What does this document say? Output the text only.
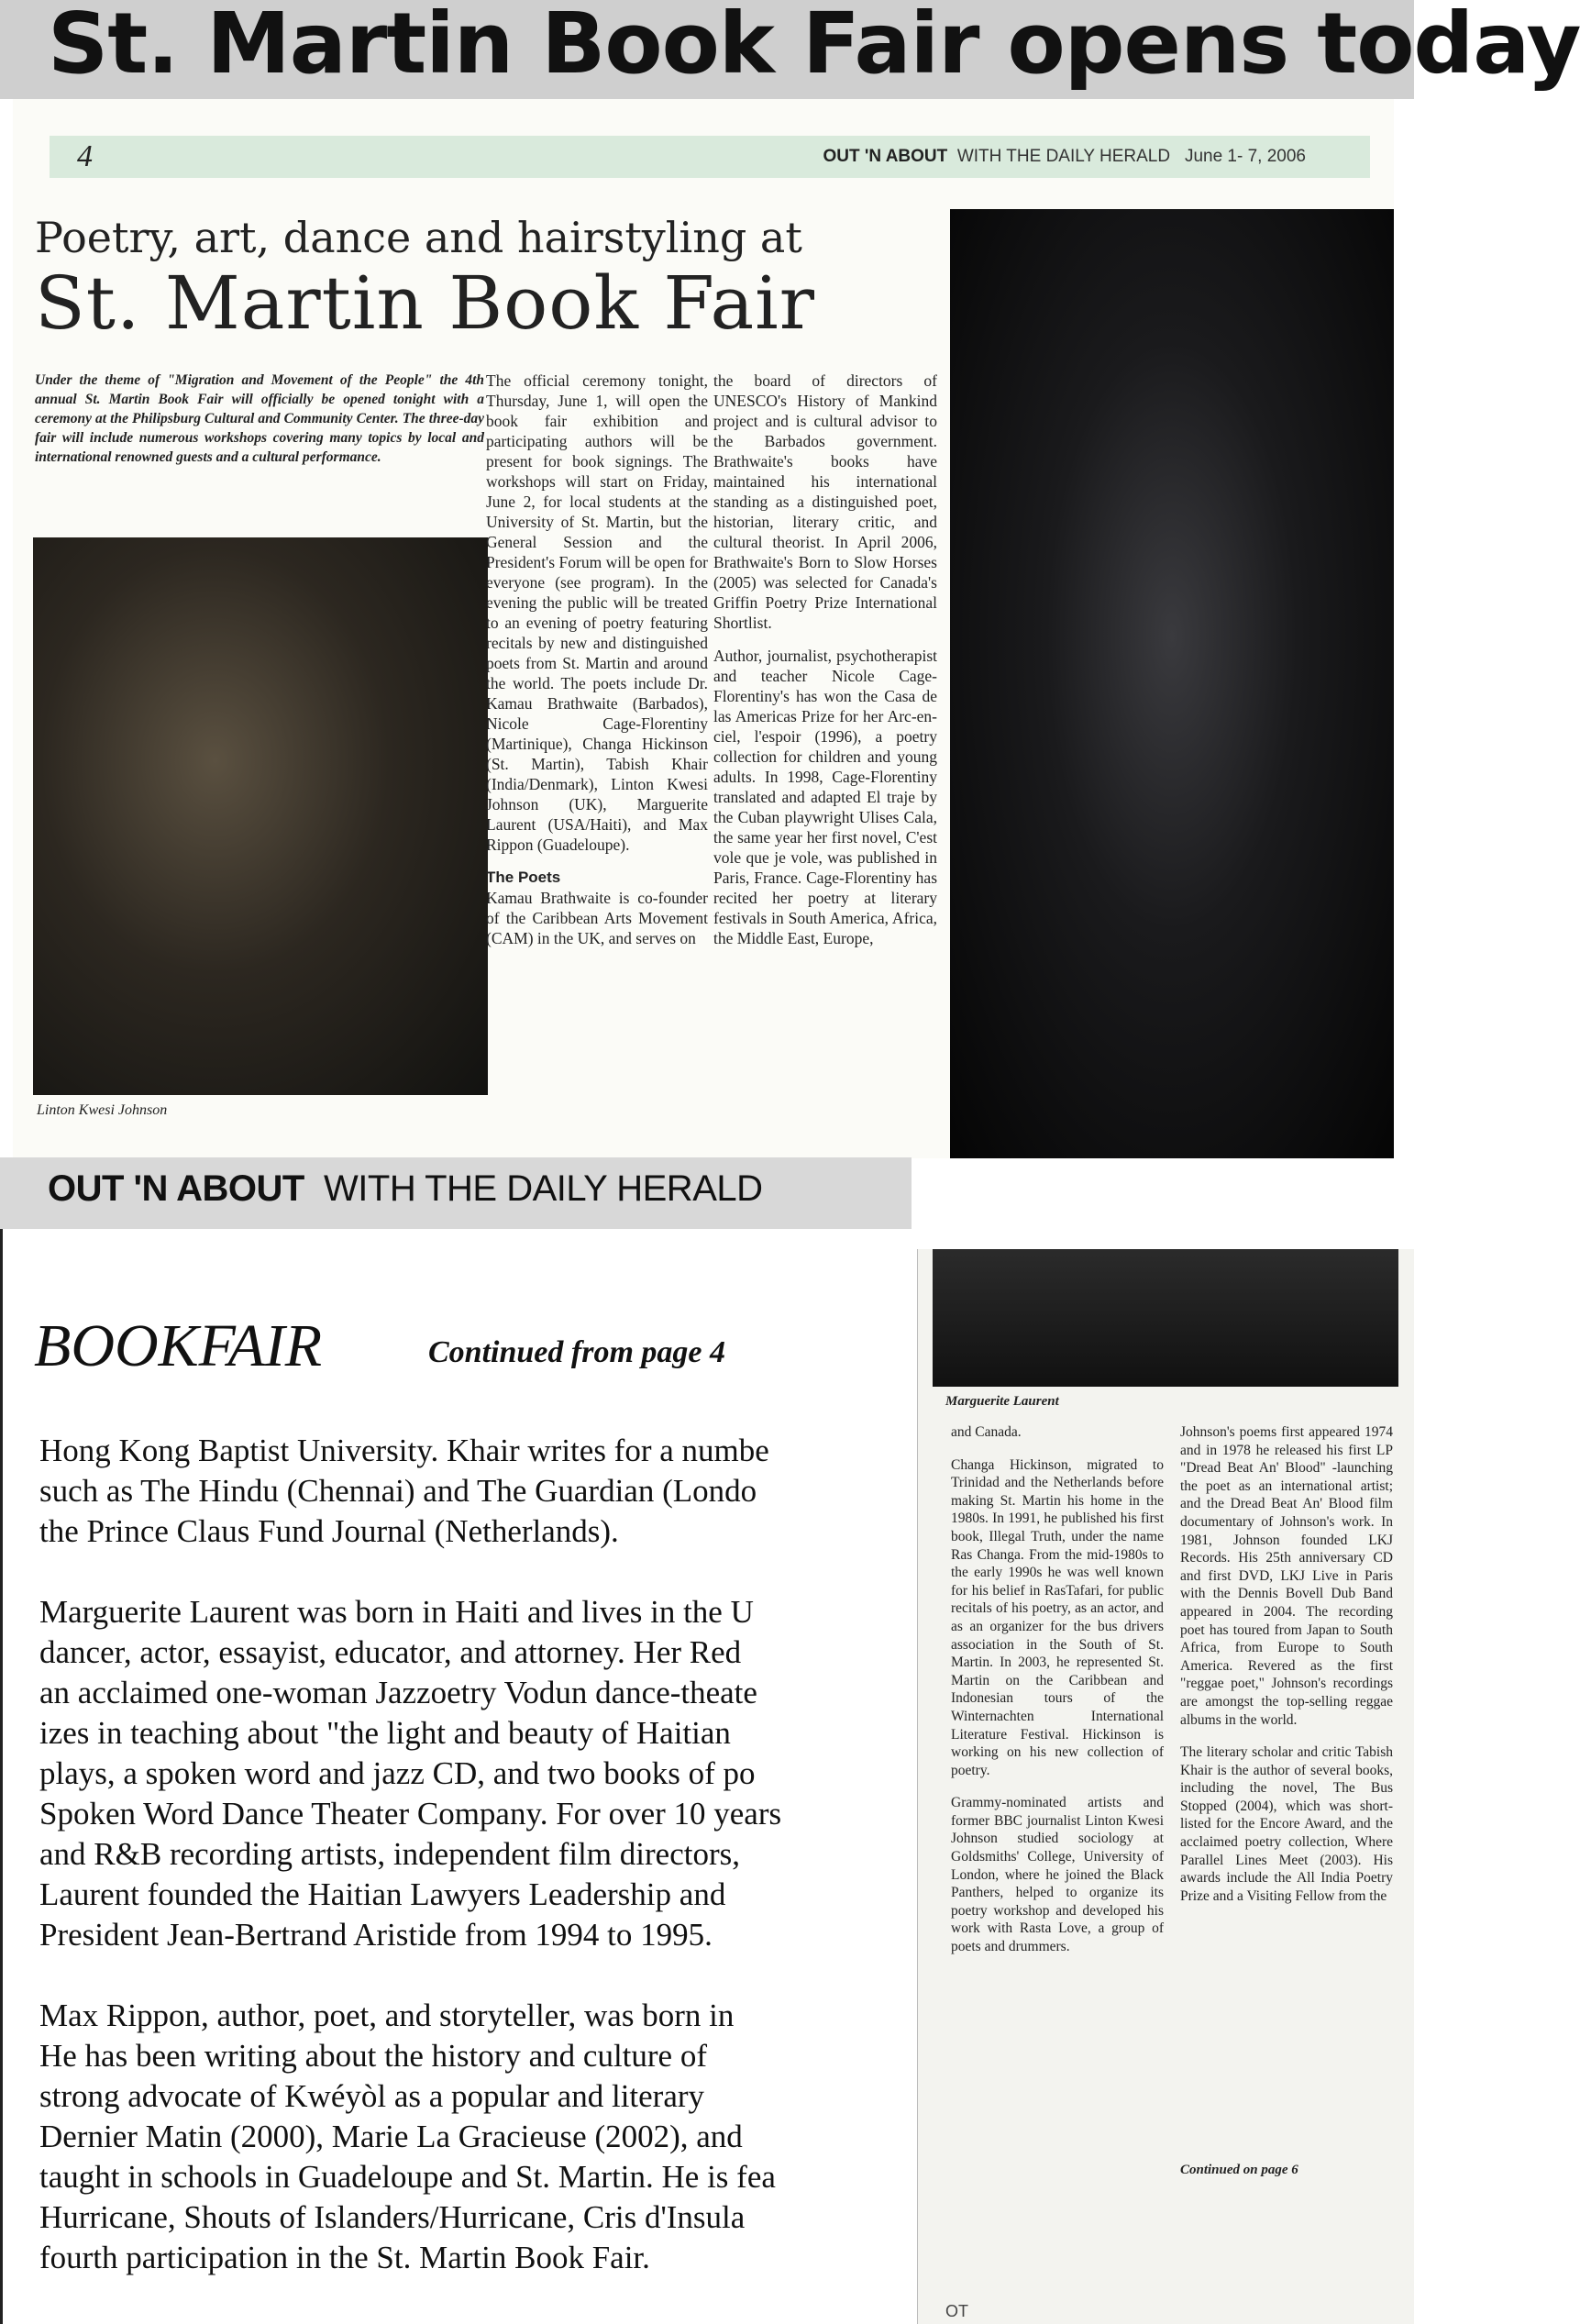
St. Martin Book Fair opens today
4	OUT 'N ABOUT WITH THE DAILY HERALD June 1- 7, 2006
Poetry, art, dance and hairstyling at
St. Martin Book Fair
Under the theme of "Migration and Movement of the People" the 4th annual St. Martin Book Fair will officially be opened tonight with a ceremony at the Philipsburg Cultural and Community Center. The three-day fair will include numerous workshops covering many topics by local and international renowned guests and a cultural performance.
Linton Kwesi Johnson

The official ceremony tonight, Thursday, June 1, will open the book fair exhibition and participating authors will be present for book signings. The workshops will start on Friday, June 2, for local students at the University of St. Martin, but the General Session and the President's Forum will be open for everyone (see program). In the evening the public will be treated to an evening of poetry featuring recitals by new and distinguished poets from St. Martin and around the world. The poets include Dr. Kamau Brathwaite (Barbados), Nicole Cage-Florentiny (Martinique), Changa Hickinson (St. Martin), Tabish Khair (India/Denmark), Linton Kwesi Johnson (UK), Marguerite Laurent (USA/Haiti), and Max Rippon (Guadeloupe).

The Poets

Kamau Brathwaite is co-founder of the Caribbean Arts Movement (CAM) in the UK, and serves on

the board of directors of UNESCO's History of Mankind project and is cultural advisor to the Barbados government. Brathwaite's books have maintained his international standing as a distinguished poet, historian, literary critic, and cultural theorist. In April 2006, Brathwaite's Born to Slow Horses (2005) was selected for Canada's Griffin Poetry Prize International Shortlist.

Author, journalist, psychotherapist and teacher Nicole Cage-Florentiny's has won the Casa de las Americas Prize for her Arc-en-ciel, l'espoir (1996), a poetry collection for children and young adults. In 1998, Cage-Florentiny translated and adapted El traje by the Cuban playwright Ulises Cala, the same year her first novel, C'est vole que je vole, was published in Paris, France. Cage-Florentiny has recited her poetry at literary festivals in South America, Africa, the Middle East, Europe,

OUT 'N ABOUT WITH THE DAILY HERALD
BOOKFAIR	Continued from page 4

Hong Kong Baptist University. Khair writes for a numbe
such as The Hindu (Chennai) and The Guardian (Londo
the Prince Claus Fund Journal (Netherlands).

Marguerite Laurent was born in Haiti and lives in the U
dancer, actor, essayist, educator, and attorney. Her Red
an acclaimed one-woman Jazzoetry Vodun dance-theate
izes in teaching about "the light and beauty of Haitian
plays, a spoken word and jazz CD, and two books of po
Spoken Word Dance Theater Company. For over 10 years
and R&B recording artists, independent film directors,
Laurent founded the Haitian Lawyers Leadership and
President Jean-Bertrand Aristide from 1994 to 1995.

Max Rippon, author, poet, and storyteller, was born in
He has been writing about the history and culture of
strong advocate of Kwéyòl as a popular and literary
Dernier Matin (2000), Marie La Gracieuse (2002), and
taught in schools in Guadeloupe and St. Martin. He is fea
Hurricane, Shouts of Islanders/Hurricane, Cris d'Insula
fourth participation in the St. Martin Book Fair.

Marguerite Laurent

and Canada.

Changa Hickinson, migrated to Trinidad and the Netherlands before making St. Martin his home in the 1980s. In 1991, he published his first book, Illegal Truth, under the name Ras Changa. From the mid-1980s to the early 1990s he was well known for his belief in RasTafari, for public recitals of his poetry, as an actor, and as an organizer for the bus drivers association in the South of St. Martin. In 2003, he represented St. Martin on the Caribbean and Indonesian tours of the Winternachten International Literature Festival. Hickinson is working on his new collection of poetry.

Grammy-nominated artists and former BBC journalist Linton Kwesi Johnson studied sociology at Goldsmiths' College, University of London, where he joined the Black Panthers, helped to organize its poetry workshop and developed his work with Rasta Love, a group of poets and drummers.

Johnson's poems first appeared 1974 and in 1978 he released his first LP "Dread Beat An' Blood" -launching the poet as an international artist; and the Dread Beat An' Blood film documentary of Johnson's work. In 1981, Johnson founded LKJ Records. His 25th anniversary CD and first DVD, LKJ Live in Paris with the Dennis Bovell Dub Band appeared in 2004. The recording poet has toured from Japan to South Africa, from Europe to South America. Revered as the first "reggae poet," Johnson's recordings are amongst the top-selling reggae albums in the world.

The literary scholar and critic Tabish Khair is the author of several books, including the novel, The Bus Stopped (2004), which was short-listed for the Encore Award, and the acclaimed poetry collection, Where Parallel Lines Meet (2003). His awards include the All India Poetry Prize and a Visiting Fellow from the

Continued on page 6
OT
